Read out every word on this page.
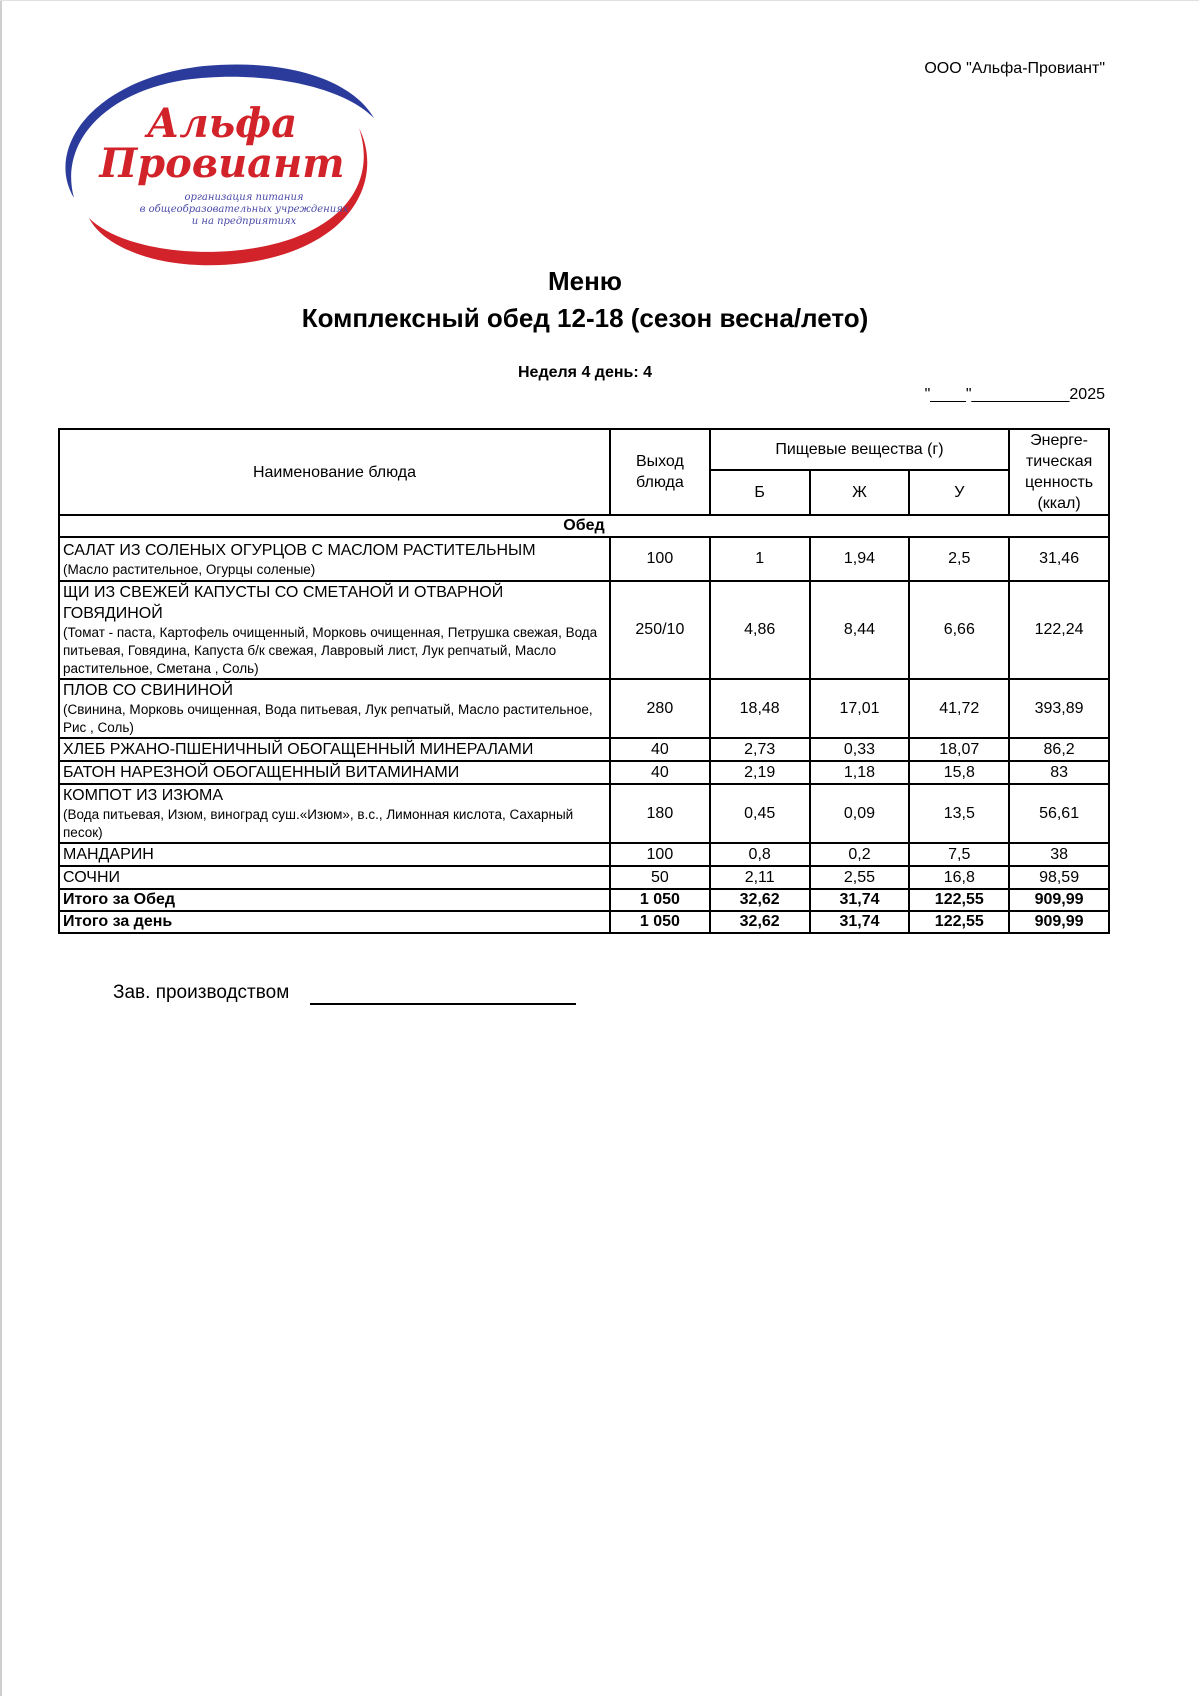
ООО "Альфа-Провиант"
Альфа
Провиант
организация питания
в общеобразовательных учреждениях
и на предприятиях
Меню
Комплексный обед 12-18 (сезон весна/лето)
Неделя 4 день: 4
"____"___________2025
Наименование блюда	Выход блюда	Пищевые вещества (г)			Энерге-тическая ценность (ккал)
		Б	Ж	У	
Обед					

САЛАТ ИЗ СОЛЕНЫХ ОГУРЦОВ С МАСЛОМ РАСТИТЕЛЬНЫМ
(Масло растительное, Огурцы соленые)	100	1	1,94	2,5	31,46

ЩИ ИЗ СВЕЖЕЙ КАПУСТЫ СО СМЕТАНОЙ И ОТВАРНОЙ ГОВЯДИНОЙ
(Томат - паста, Картофель очищенный, Морковь очищенная, Петрушка свежая, Вода питьевая, Говядина, Капуста б/к свежая, Лавровый лист, Лук репчатый, Масло растительное, Сметана , Соль)	250/10	4,86	8,44	6,66	122,24

ПЛОВ СО СВИНИНОЙ
(Свинина, Морковь очищенная, Вода питьевая, Лук репчатый, Масло растительное, Рис , Соль)	280	18,48	17,01	41,72	393,89

ХЛЕБ РЖАНО-ПШЕНИЧНЫЙ ОБОГАЩЕННЫЙ МИНЕРАЛАМИ	40	2,73	0,33	18,07	86,2

БАТОН НАРЕЗНОЙ ОБОГАЩЕННЫЙ ВИТАМИНАМИ	40	2,19	1,18	15,8	83

КОМПОТ ИЗ ИЗЮМА
(Вода питьевая, Изюм, виноград суш.«Изюм», в.с., Лимонная кислота, Сахарный песок)	180	0,45	0,09	13,5	56,61

МАНДАРИН	100	0,8	0,2	7,5	38

СОЧНИ	50	2,11	2,55	16,8	98,59
Итого за Обед	1 050	32,62	31,74	122,55	909,99
Итого за день	1 050	32,62	31,74	122,55	909,99
Зав. производством
